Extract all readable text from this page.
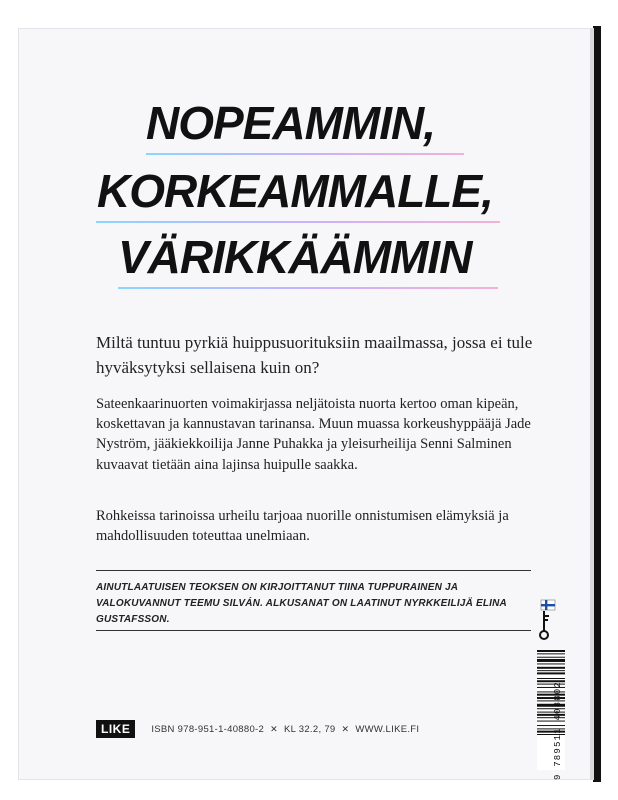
NOPEAMMIN,
KORKEAMMALLE,
VÄRIKKÄÄMMIN

Miltä tuntuu pyrkiä huippusuorituksiin maailmassa, jossa ei tule hyväksytyksi sellaisena kuin on?

Sateenkaarinuorten voimakirjassa neljätoista nuorta kertoo oman kipeän, koskettavan ja kannustavan tarinansa. Muun muassa korkeushyppääjä Jade Nyström, jääkiekkoilija Janne Puhakka ja yleisurheilija Senni Salminen kuvaavat tietään aina lajinsa huipulle saakka.

Rohkeissa tarinoissa urheilu tarjoaa nuorille onnistumisen elämyksiä ja mahdollisuuden toteuttaa unelmiaan.

AINUTLAATUISEN TEOKSEN ON KIRJOITTANUT TIINA TUPPURAINEN JA VALOKUVANNUT TEEMU SILVÁN. ALKUSANAT ON LAATINUT NYRKKEILIJÄ ELINA GUSTAFSSON.
LIKE	ISBN 978-951-1-40880-2 ✕ KL 32.2, 79 ✕ WWW.LIKE.FI	9 789511 408802
